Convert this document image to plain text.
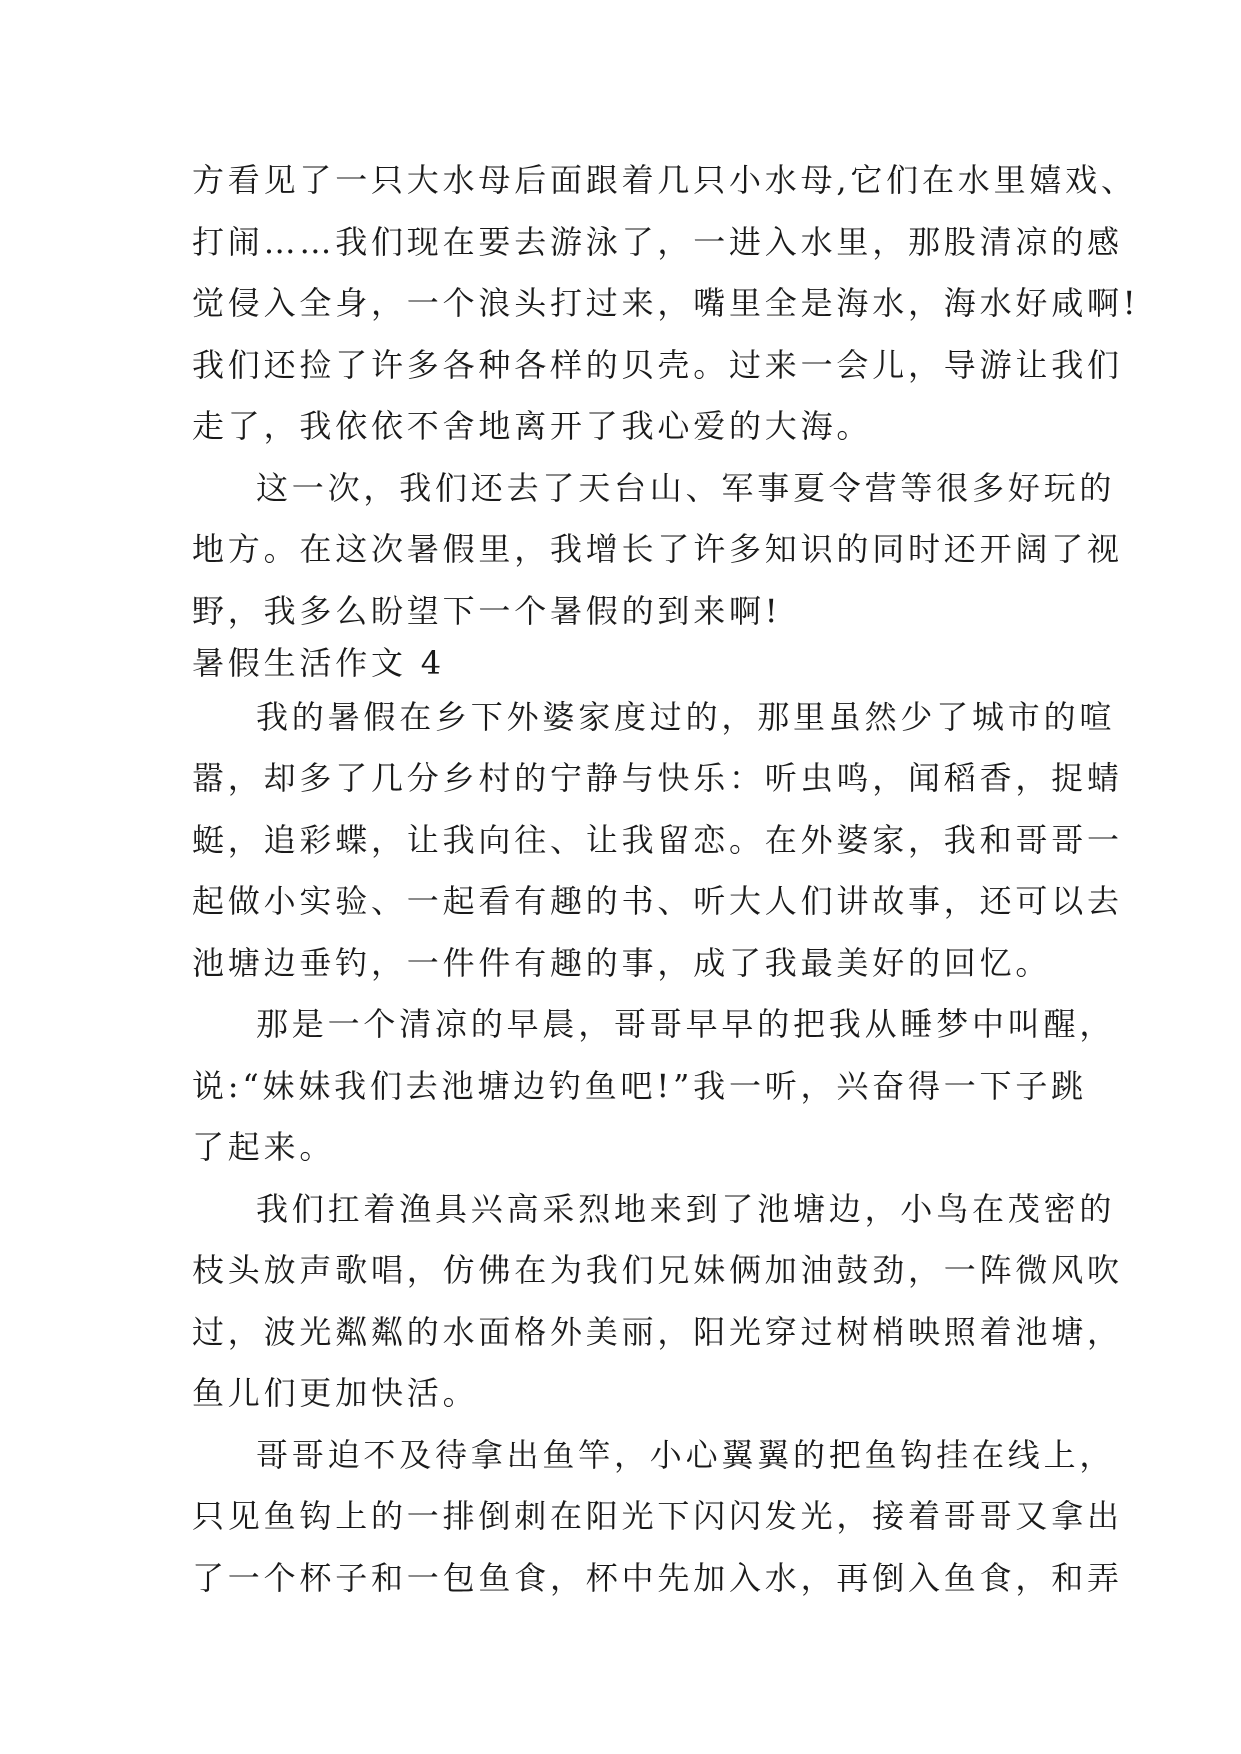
方看见了一只大水母后面跟着几只小水母,它们在水里嬉戏、
打闹……我们现在要去游泳了，一进入水里，那股清凉的感
觉侵入全身，一个浪头打过来，嘴里全是海水，海水好咸啊!
我们还捡了许多各种各样的贝壳。过来一会儿，导游让我们
走了，我依依不舍地离开了我心爱的大海。
这一次，我们还去了天台山、军事夏令营等很多好玩的
地方。在这次暑假里，我增长了许多知识的同时还开阔了视
野，我多么盼望下一个暑假的到来啊!
暑假生活作文 4
我的暑假在乡下外婆家度过的，那里虽然少了城市的喧
嚣，却多了几分乡村的宁静与快乐：听虫鸣，闻稻香，捉蜻
蜓，追彩蝶，让我向往、让我留恋。在外婆家，我和哥哥一
起做小实验、一起看有趣的书、听大人们讲故事，还可以去
池塘边垂钓，一件件有趣的事，成了我最美好的回忆。
那是一个清凉的早晨，哥哥早早的把我从睡梦中叫醒，
说:“妹妹我们去池塘边钓鱼吧!”我一听，兴奋得一下子跳
了起来。
我们扛着渔具兴高采烈地来到了池塘边，小鸟在茂密的
枝头放声歌唱，仿佛在为我们兄妹俩加油鼓劲，一阵微风吹
过，波光粼粼的水面格外美丽，阳光穿过树梢映照着池塘，
鱼儿们更加快活。
哥哥迫不及待拿出鱼竿，小心翼翼的把鱼钩挂在线上，
只见鱼钩上的一排倒刺在阳光下闪闪发光，接着哥哥又拿出
了一个杯子和一包鱼食，杯中先加入水，再倒入鱼食，和弄
